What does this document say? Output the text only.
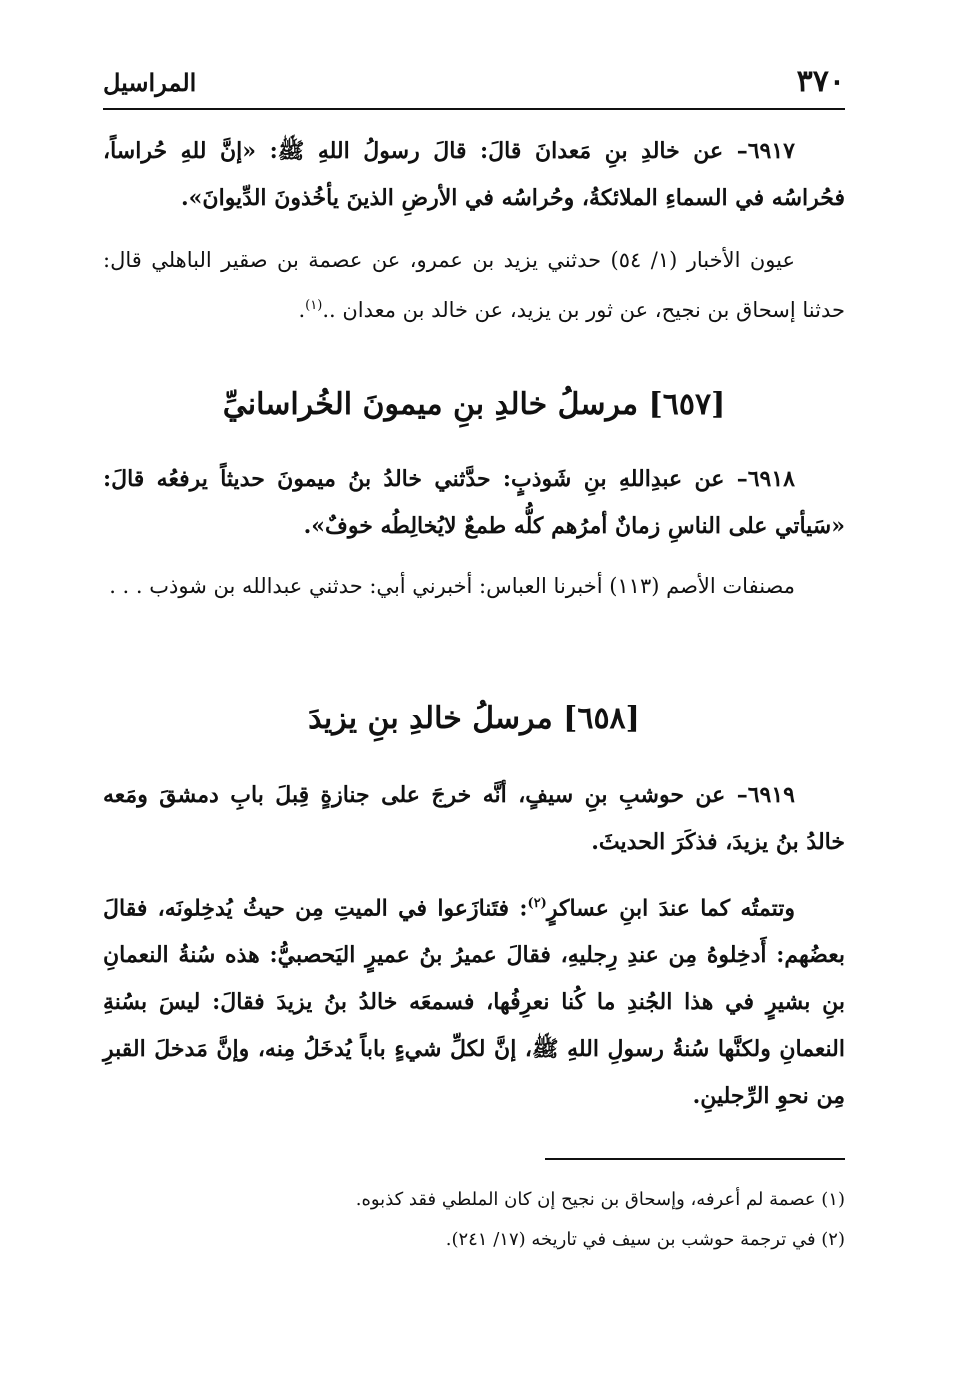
٣٧٠
المراسيل

٦٩١٧– عن خالدِ بنِ مَعدانَ قالَ: قالَ رسولُ اللهِ ﷺ: «إنَّ للهِ حُراساً، فحُراسُه في السماءِ الملائكةُ، وحُراسُه في الأرضِ الذينَ يأخُذونَ الدِّيوانَ».

عيون الأخبار (١/ ٥٤) حدثني يزيد بن عمرو، عن عصمة بن صقير الباهلي قال: حدثنا إسحاق بن نجيح، عن ثور بن يزيد، عن خالد بن معدان ..$^{(١)}$.

[٦٥٧] مرسلُ خالدِ بنِ ميمونَ الخُراسانيِّ

٦٩١٨– عن عبدِاللهِ بنِ شَوذبٍ: حدَّثني خالدُ بنُ ميمونَ حديثاً يرفعُه قالَ: «سَيأتي على الناسِ زمانٌ أمرُهم كلُّه طمعٌ لايُخالِطُه خوفٌ».

مصنفات الأصم (١١٣) أخبرنا العباس: أخبرني أبي: حدثني عبدالله بن شوذب . . .

[٦٥٨] مرسلُ خالدِ بنِ يزيدَ

٦٩١٩– عن حوشبِ بنِ سيفٍ، أنَّه خرجَ على جنازةٍ قِبلَ بابِ دمشقَ ومَعه خالدُ بنُ يزيدَ، فذكَرَ الحديثَ.

وتتمتُه كما عندَ ابنِ عساكرٍ$^{(٢)}$: فتَنازَعوا في الميتِ مِن حيثُ يُدخِلونَه، فقالَ بعضُهم: أَدخِلوهُ مِن عندِ رِجليهِ، فقالَ عميرُ بنُ عميرٍ اليَحصبيُّ: هذه سُنةُ النعمانِ بنِ بشيرٍ في هذا الجُندِ ما كُنا نعرِفُها، فسمعَه خالدُ بنُ يزيدَ فقالَ: ليسَ بسُنةِ النعمانِ ولكنَّها سُنةُ رسولِ اللهِ ﷺ، إنَّ لكلِّ شيءٍ باباً يُدخَلُ مِنه، وإنَّ مَدخلَ القبرِ مِن نحوِ الرِّجلينِ.

(١) عصمة لم أعرفه، وإسحاق بن نجيح إن كان الملطي فقد كذبوه.

(٢) في ترجمة حوشب بن سيف في تاريخه (١٧/ ٢٤١).
